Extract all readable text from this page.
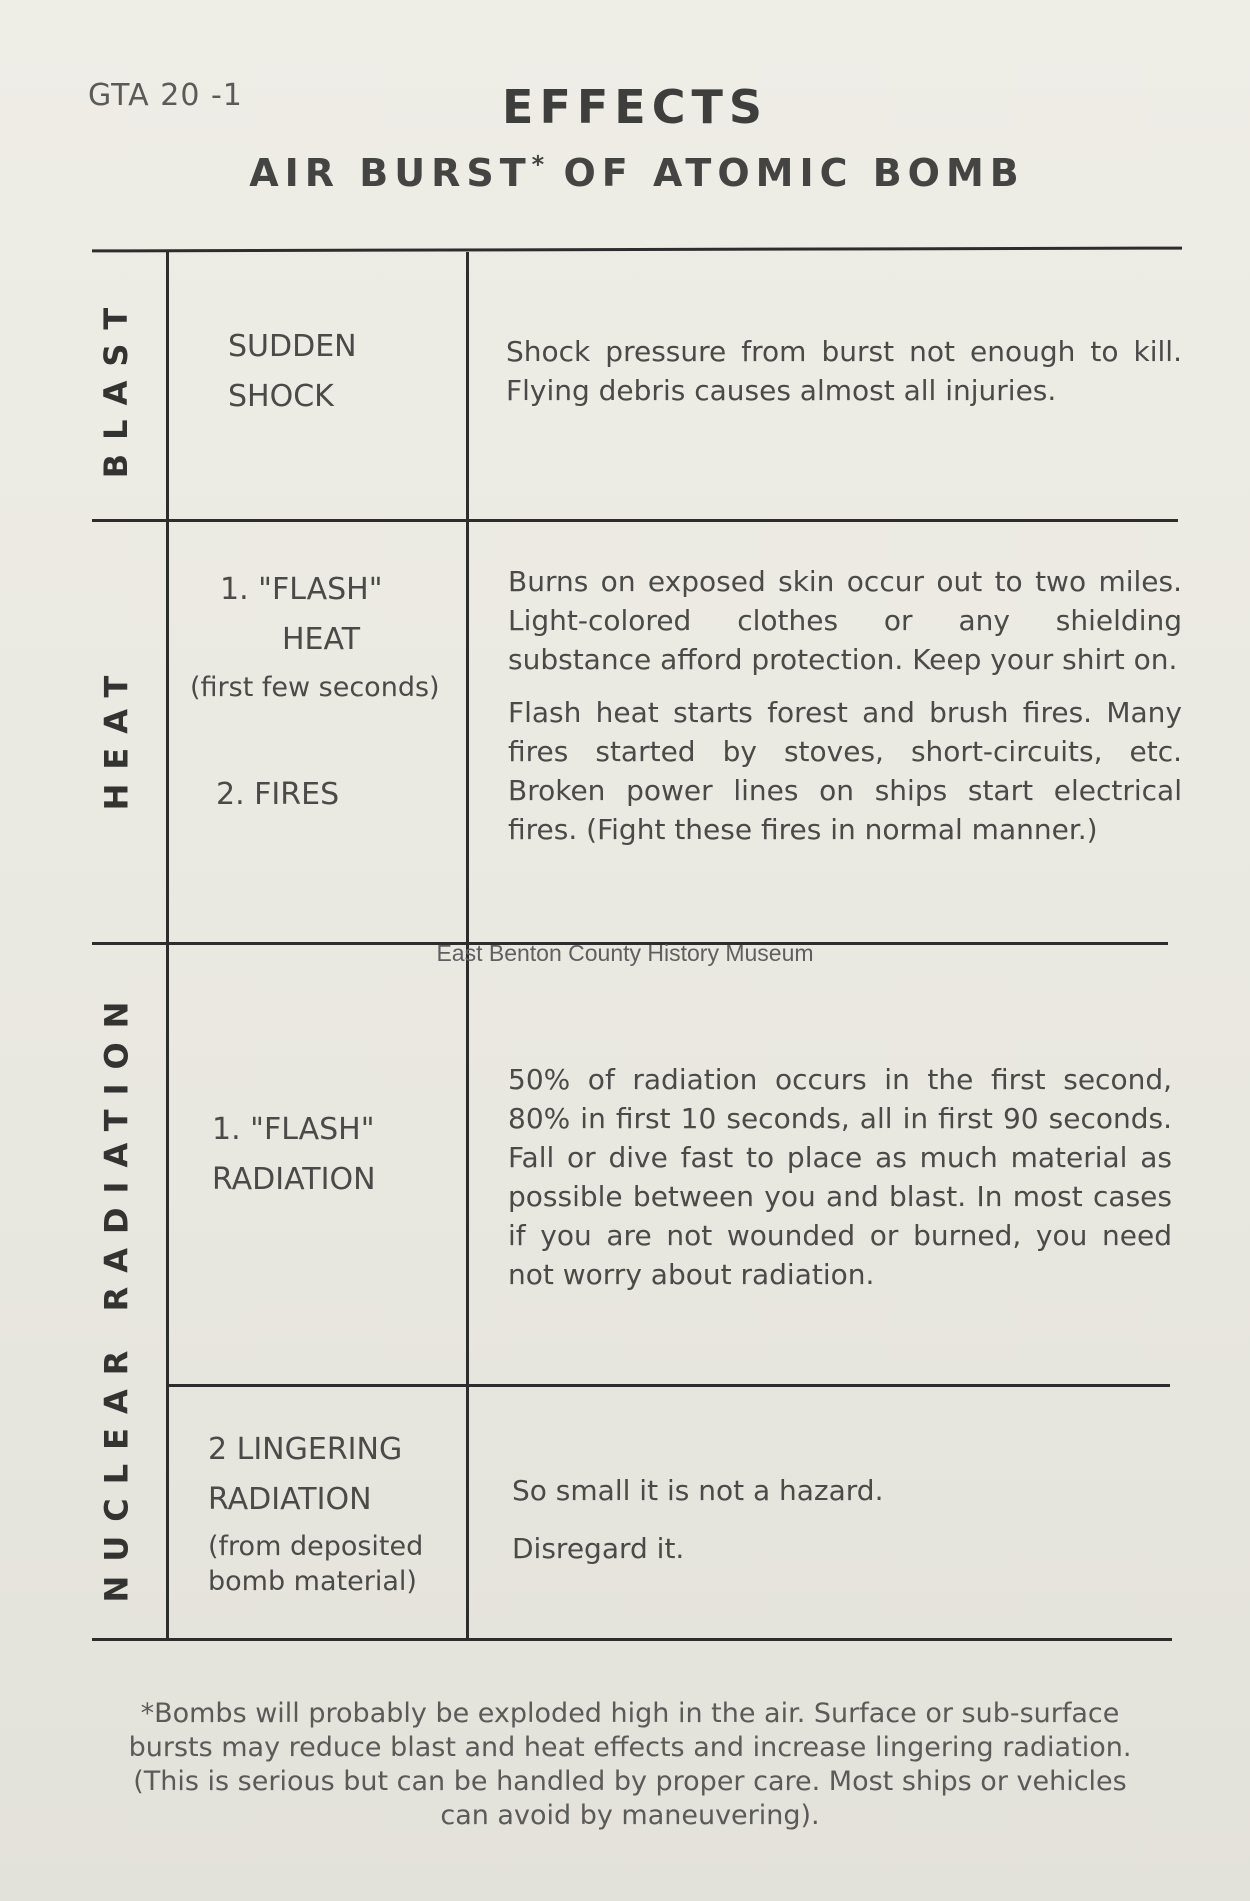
GTA 20 -1	EFFECTS
AIR BURST* OF ATOMIC BOMB
BLAST
HEAT
NUCLEAR RADIATION
SUDDEN
SHOCK

Shock pressure from burst not enough to kill. Flying debris causes almost all injuries.

1. "FLASH"
HEAT
(first few seconds)
2. FIRES

Burns on exposed skin occur out to two miles. Light-colored clothes or any shielding substance afford protection. Keep your shirt on.

Flash heat starts forest and brush fires. Many fires started by stoves, short-circuits, etc. Broken power lines on ships start electrical fires. (Fight these fires in normal manner.)

East Benton County History Museum
1. "FLASH"
RADIATION

50% of radiation occurs in the first second, 80% in first 10 seconds, all in first 90 seconds. Fall or dive fast to place as much material as possible between you and blast. In most cases if you are not wounded or burned, you need not worry about radiation.

2 LINGERING
RADIATION
(from deposited
bomb material)

So small it is not a hazard.

Disregard it.

*Bombs will probably be exploded high in the air. Surface or sub-surface bursts may reduce blast and heat effects and increase lingering radiation. (This is serious but can be handled by proper care. Most ships or vehicles can avoid by maneuvering).
